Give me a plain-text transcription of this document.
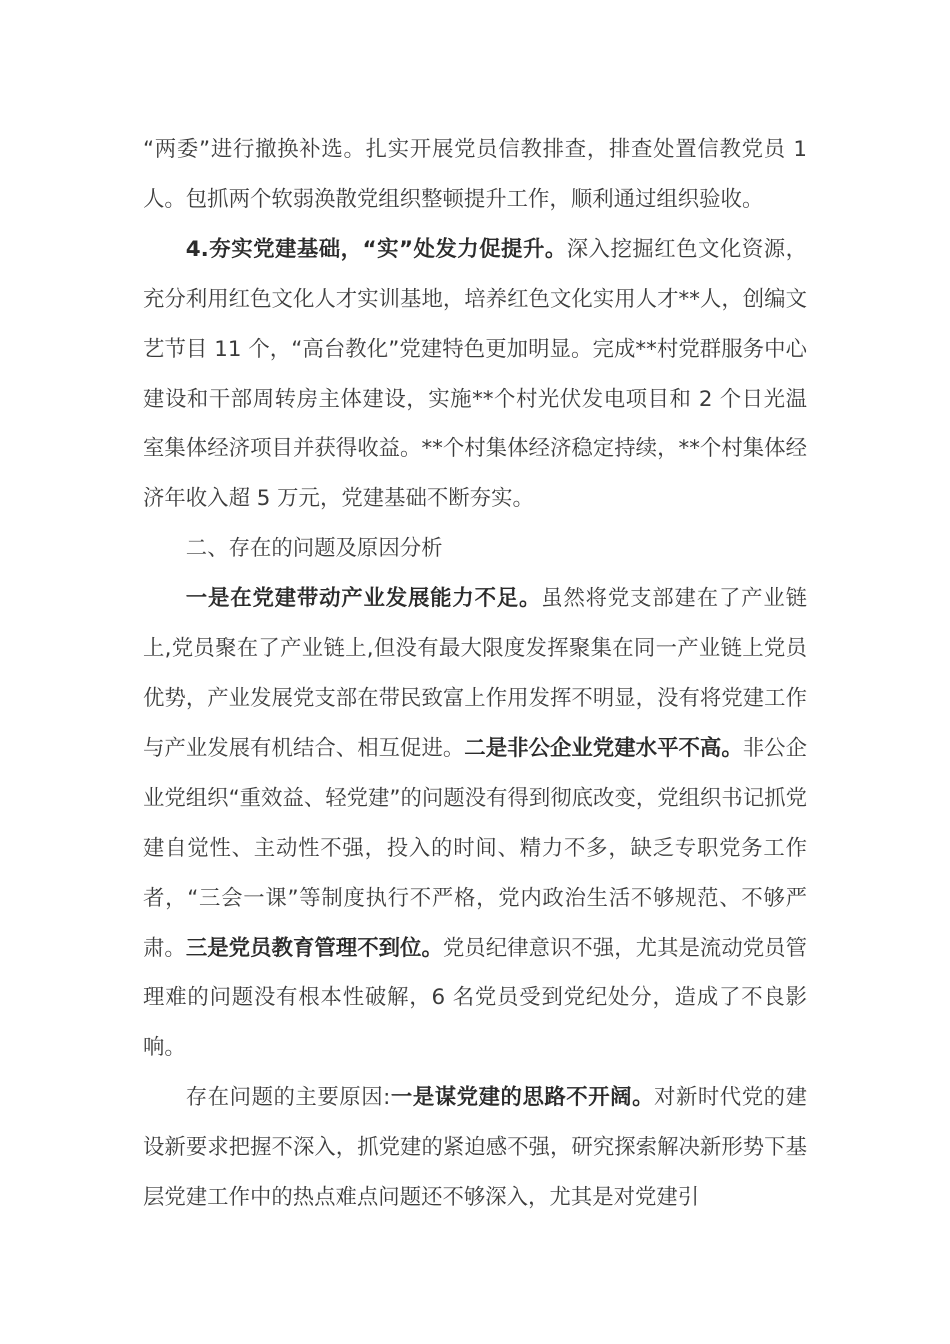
“两委”进行撤换补选。扎实开展党员信教排查，排查处置信教党员 1 人。包抓两个软弱涣散党组织整顿提升工作，顺利通过组织验收。

4.夯实党建基础，“实”处发力促提升。深入挖掘红色文化资源，充分利用红色文化人才实训基地，培养红色文化实用人才**人，创编文艺节目 11 个，“高台教化”党建特色更加明显。完成**村党群服务中心建设和干部周转房主体建设，实施**个村光伏发电项目和 2 个日光温室集体经济项目并获得收益。**个村集体经济稳定持续，**个村集体经济年收入超 5 万元，党建基础不断夯实。

二、存在的问题及原因分析

一是在党建带动产业发展能力不足。虽然将党支部建在了产业链上,党员聚在了产业链上,但没有最大限度发挥聚集在同一产业链上党员优势，产业发展党支部在带民致富上作用发挥不明显，没有将党建工作与产业发展有机结合、相互促进。二是非公企业党建水平不高。非公企业党组织“重效益、轻党建”的问题没有得到彻底改变，党组织书记抓党建自觉性、主动性不强，投入的时间、精力不多，缺乏专职党务工作者，“三会一课”等制度执行不严格，党内政治生活不够规范、不够严肃。三是党员教育管理不到位。党员纪律意识不强，尤其是流动党员管理难的问题没有根本性破解，6 名党员受到党纪处分，造成了不良影响。

存在问题的主要原因:一是谋党建的思路不开阔。对新时代党的建设新要求把握不深入，抓党建的紧迫感不强，研究探索解决新形势下基层党建工作中的热点难点问题还不够深入，尤其是对党建引
